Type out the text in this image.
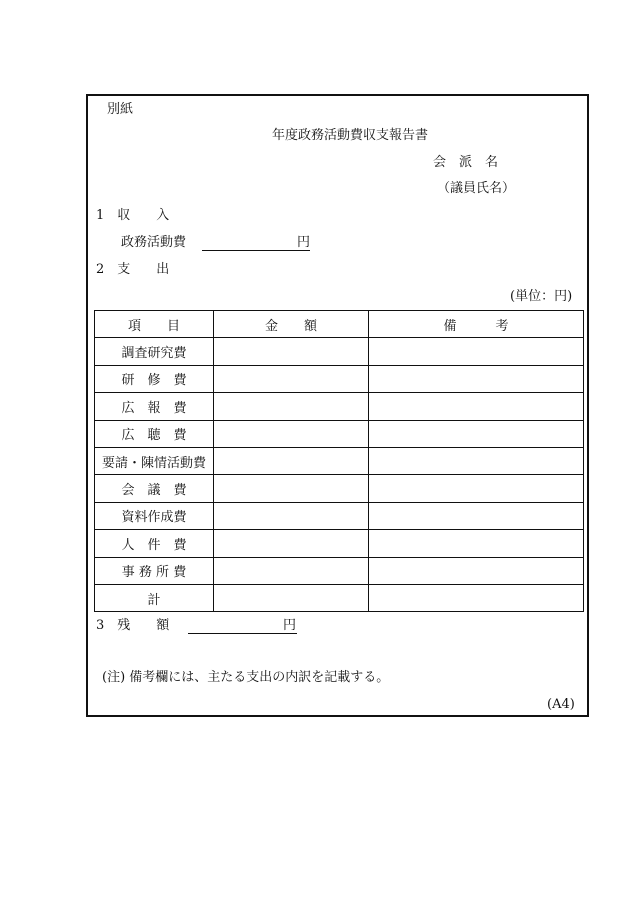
別紙
年度政務活動費収支報告書
会　派　名
（議員氏名）
1　収　　入
政務活動費	円
2　支　　出
(単位：円)
項　　目	金　　額	備　　　考
調査研究費		
研　修　費		
広　報　費		
広　聴　費		
要請・陳情活動費		
会　議　費		
資料作成費		
人　件　費		
事 務 所 費		
計		
3　残　　額	円
(注) 備考欄には、主たる支出の内訳を記載する。
(A4)
